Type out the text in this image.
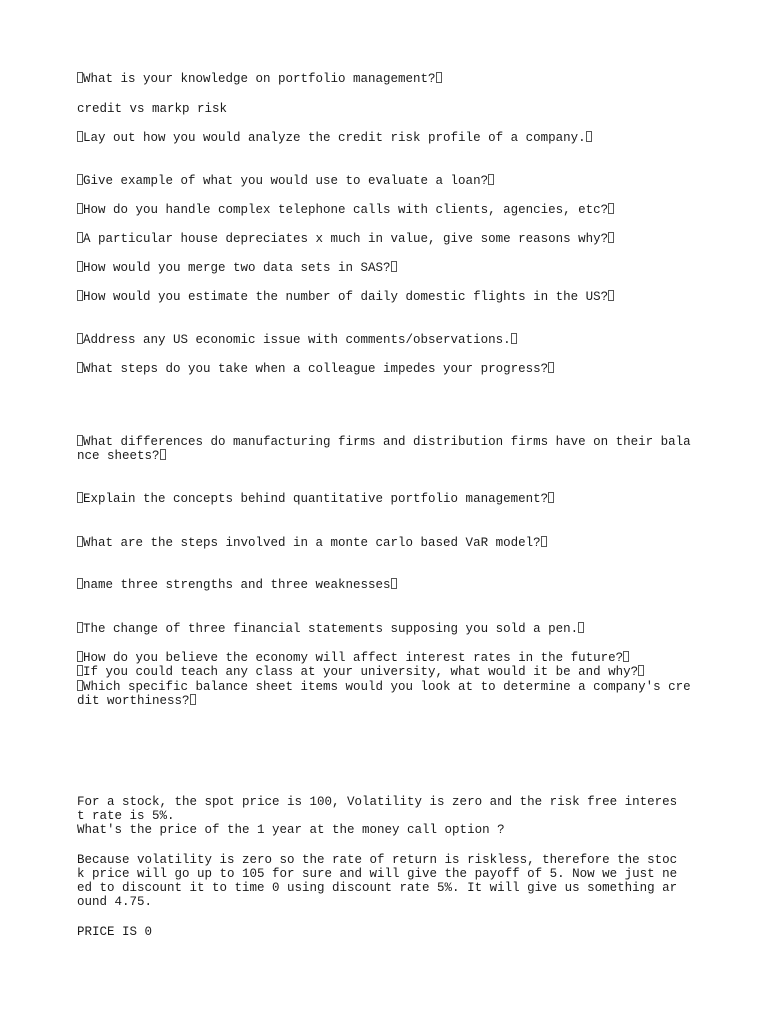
What is your knowledge on portfolio management?

credit vs markp risk

Lay out how you would analyze the credit risk profile of a company.

Give example of what you would use to evaluate a loan?

How do you handle complex telephone calls with clients, agencies, etc?

A particular house depreciates x much in value, give some reasons why?

How would you merge two data sets in SAS?

How would you estimate the number of daily domestic flights in the US?

Address any US economic issue with comments/observations.

What steps do you take when a colleague impedes your progress?

What differences do manufacturing firms and distribution firms have on their bala

nce sheets?

Explain the concepts behind quantitative portfolio management?

What are the steps involved in a monte carlo based VaR model?

name three strengths and three weaknesses

The change of three financial statements supposing you sold a pen.

How do you believe the economy will affect interest rates in the future?

If you could teach any class at your university, what would it be and why?

Which specific balance sheet items would you look at to determine a company's cre

dit worthiness?

For a stock, the spot price is 100, Volatility is zero and the risk free interes

t rate is 5%.

What's the price of the 1 year at the money call option ?

Because volatility is zero so the rate of return is riskless, therefore the stoc

k price will go up to 105 for sure and will give the payoff of 5. Now we just ne

ed to discount it to time 0 using discount rate 5%. It will give us something ar

ound 4.75.

PRICE IS 0
